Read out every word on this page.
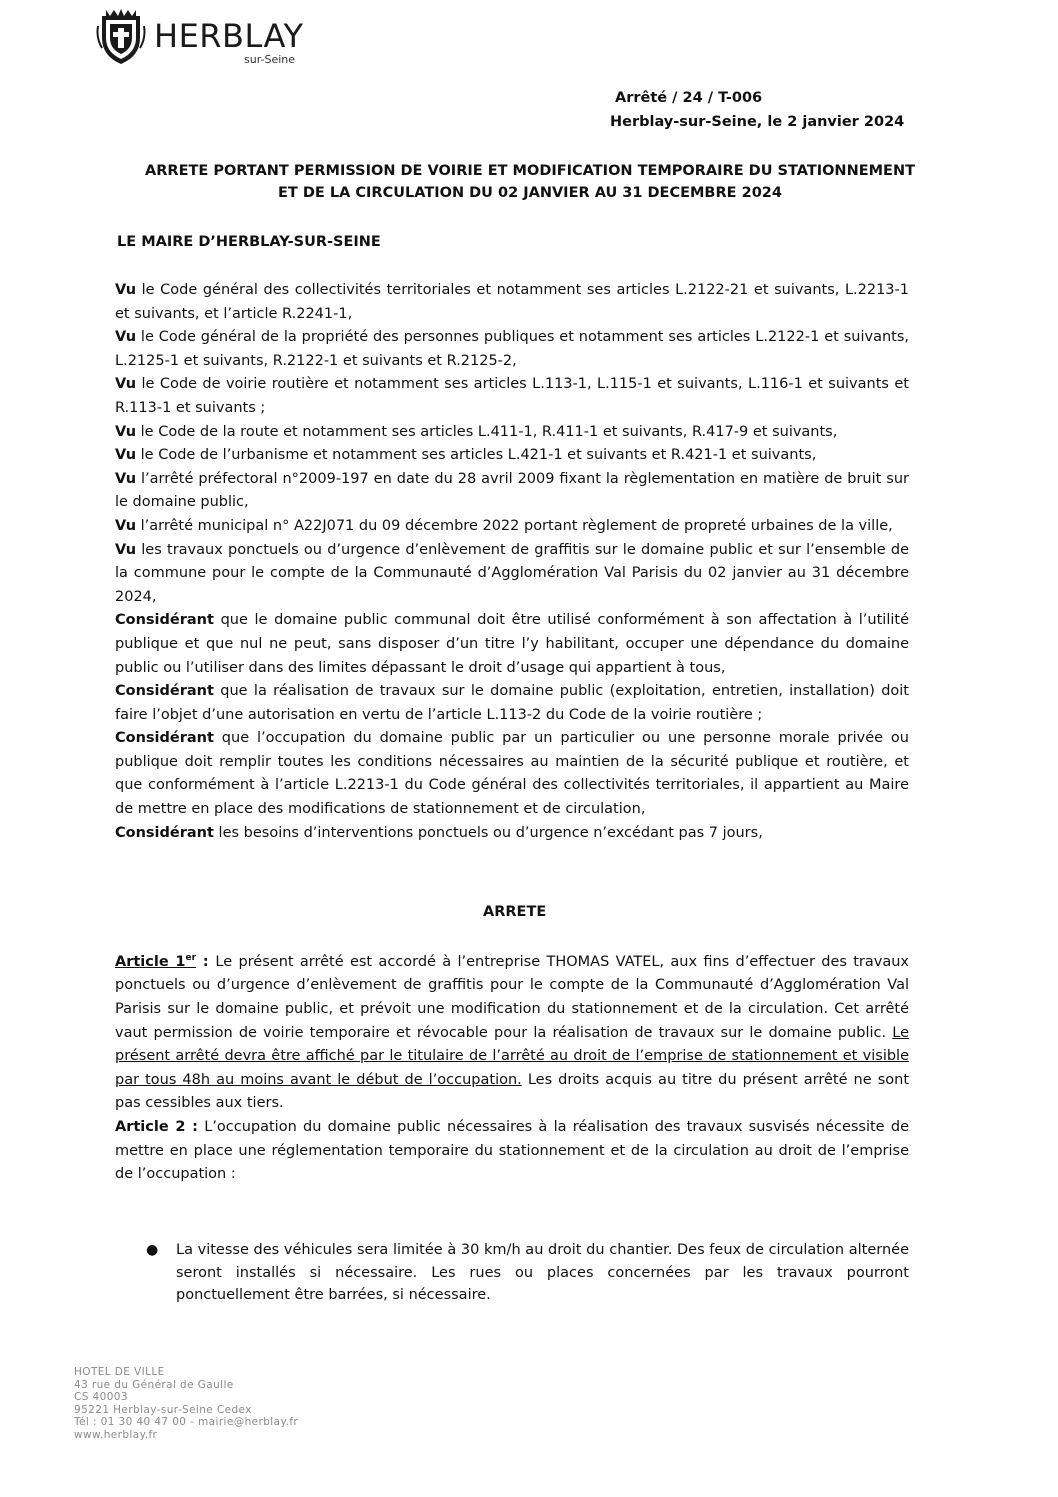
HERBLAY
sur-Seine
Arrêté / 24 / T-006
Herblay-sur-Seine, le 2 janvier 2024
ARRETE PORTANT PERMISSION DE VOIRIE ET MODIFICATION TEMPORAIRE DU STATIONNEMENT
ET DE LA CIRCULATION DU 02 JANVIER AU 31 DECEMBRE 2024
LE MAIRE D’HERBLAY-SUR-SEINE

Vu le Code général des collectivités territoriales et notamment ses articles L.2122-21 et suivants, L.2213-1 et suivants, et l’article R.2241-1,

Vu le Code général de la propriété des personnes publiques et notamment ses articles L.2122-1 et suivants, L.2125-1 et suivants, R.2122-1 et suivants et R.2125-2,

Vu le Code de voirie routière et notamment ses articles L.113-1, L.115-1 et suivants, L.116-1 et suivants et R.113-1 et suivants ;

Vu le Code de la route et notamment ses articles L.411-1, R.411-1 et suivants, R.417-9 et suivants,

Vu le Code de l’urbanisme et notamment ses articles L.421-1 et suivants et R.421-1 et suivants,

Vu l’arrêté préfectoral n°2009-197 en date du 28 avril 2009 fixant la règlementation en matière de bruit sur le domaine public,

Vu l’arrêté municipal n° A22J071 du 09 décembre 2022 portant règlement de propreté urbaines de la ville,

Vu les travaux ponctuels ou d’urgence d’enlèvement de graffitis sur le domaine public et sur l’ensemble de la commune pour le compte de la Communauté d’Agglomération Val Parisis du 02 janvier au 31 décembre 2024,

Considérant que le domaine public communal doit être utilisé conformément à son affectation à l’utilité publique et que nul ne peut, sans disposer d’un titre l’y habilitant, occuper une dépendance du domaine public ou l’utiliser dans des limites dépassant le droit d’usage qui appartient à tous,

Considérant que la réalisation de travaux sur le domaine public (exploitation, entretien, installation) doit faire l’objet d’une autorisation en vertu de l’article L.113-2 du Code de la voirie routière ;

Considérant que l’occupation du domaine public par un particulier ou une personne morale privée ou publique doit remplir toutes les conditions nécessaires au maintien de la sécurité publique et routière, et que conformément à l’article L.2213-1 du Code général des collectivités territoriales, il appartient au Maire de mettre en place des modifications de stationnement et de circulation,

Considérant les besoins d’interventions ponctuels ou d’urgence n’excédant pas 7 jours,

ARRETE

Article 1er : Le présent arrêté est accordé à l’entreprise THOMAS VATEL, aux fins d’effectuer des travaux ponctuels ou d’urgence d’enlèvement de graffitis pour le compte de la Communauté d’Agglomération Val Parisis sur le domaine public, et prévoit une modification du stationnement et de la circulation. Cet arrêté vaut permission de voirie temporaire et révocable pour la réalisation de travaux sur le domaine public. Le présent arrêté devra être affiché par le titulaire de l’arrêté au droit de l’emprise de stationnement et visible par tous 48h au moins avant le début de l’occupation. Les droits acquis au titre du présent arrêté ne sont pas cessibles aux tiers.

Article 2 : L’occupation du domaine public nécessaires à la réalisation des travaux susvisés nécessite de mettre en place une réglementation temporaire du stationnement et de la circulation au droit de l’emprise de l’occupation :

● La vitesse des véhicules sera limitée à 30 km/h au droit du chantier. Des feux de circulation alternée seront installés si nécessaire. Les rues ou places concernées par les travaux pourront ponctuellement être barrées, si nécessaire.
HOTEL DE VILLE
43 rue du Général de Gaulle
CS 40003
95221 Herblay-sur-Seine Cedex
Tél : 01 30 40 47 00 - mairie@herblay.fr
www.herblay.fr
